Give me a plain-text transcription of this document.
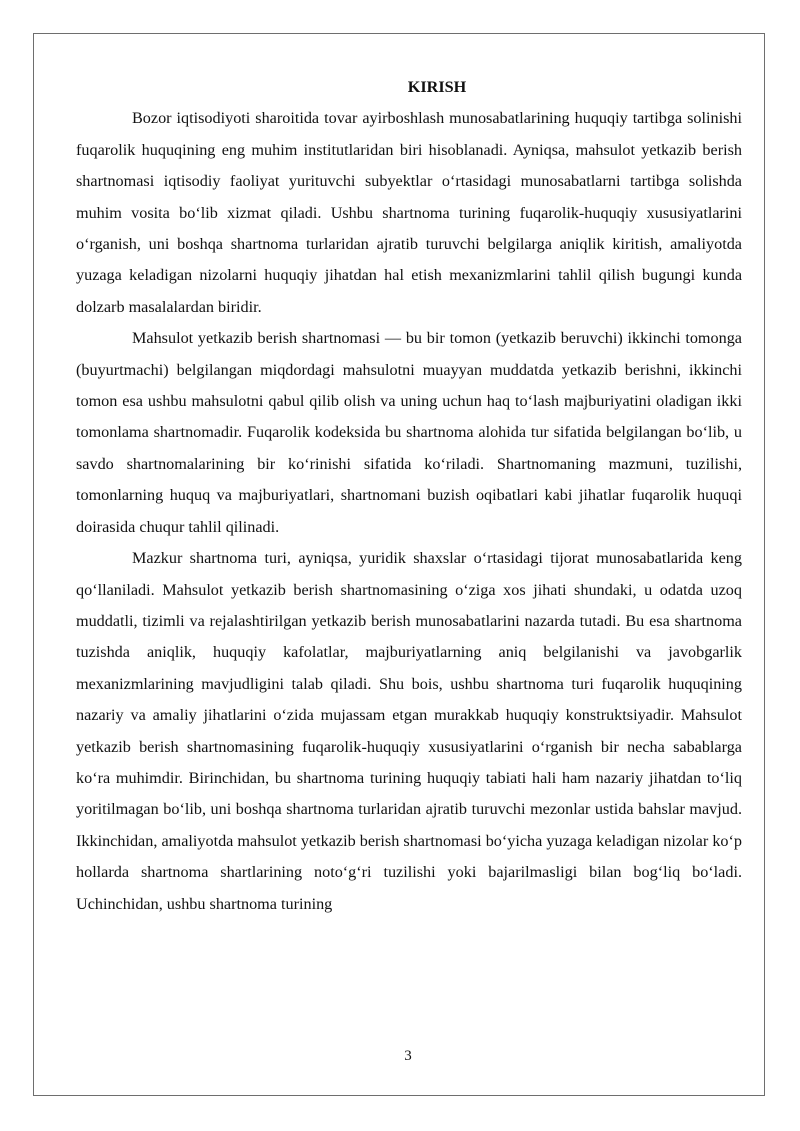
KIRISH

Bozor iqtisodiyoti sharoitida tovar ayirboshlash munosabatlarining huquqiy tartibga solinishi fuqarolik huquqining eng muhim institutlaridan biri hisoblanadi. Ayniqsa, mahsulot yetkazib berish shartnomasi iqtisodiy faoliyat yurituvchi subyektlar o‘rtasidagi munosabatlarni tartibga solishda muhim vosita bo‘lib xizmat qiladi. Ushbu shartnoma turining fuqarolik-huquqiy xususiyatlarini o‘rganish, uni boshqa shartnoma turlaridan ajratib turuvchi belgilarga aniqlik kiritish, amaliyotda yuzaga keladigan nizolarni huquqiy jihatdan hal etish mexanizmlarini tahlil qilish bugungi kunda dolzarb masalalardan biridir.

Mahsulot yetkazib berish shartnomasi — bu bir tomon (yetkazib beruvchi) ikkinchi tomonga (buyurtmachi) belgilangan miqdordagi mahsulotni muayyan muddatda yetkazib berishni, ikkinchi tomon esa ushbu mahsulotni qabul qilib olish va uning uchun haq to‘lash majburiyatini oladigan ikki tomonlama shartnomadir. Fuqarolik kodeksida bu shartnoma alohida tur sifatida belgilangan bo‘lib, u savdo shartnomalarining bir ko‘rinishi sifatida ko‘riladi. Shartnomaning mazmuni, tuzilishi, tomonlarning huquq va majburiyatlari, shartnomani buzish oqibatlari kabi jihatlar fuqarolik huquqi doirasida chuqur tahlil qilinadi.

Mazkur shartnoma turi, ayniqsa, yuridik shaxslar o‘rtasidagi tijorat munosabatlarida keng qo‘llaniladi. Mahsulot yetkazib berish shartnomasining o‘ziga xos jihati shundaki, u odatda uzoq muddatli, tizimli va rejalashtirilgan yetkazib berish munosabatlarini nazarda tutadi. Bu esa shartnoma tuzishda aniqlik, huquqiy kafolatlar, majburiyatlarning aniq belgilanishi va javobgarlik mexanizmlarining mavjudligini talab qiladi. Shu bois, ushbu shartnoma turi fuqarolik huquqining nazariy va amaliy jihatlarini o‘zida mujassam etgan murakkab huquqiy konstruktsiyadir. Mahsulot yetkazib berish shartnomasining fuqarolik-huquqiy xususiyatlarini o‘rganish bir necha sabablarga ko‘ra muhimdir. Birinchidan, bu shartnoma turining huquqiy tabiati hali ham nazariy jihatdan to‘liq yoritilmagan bo‘lib, uni boshqa shartnoma turlaridan ajratib turuvchi mezonlar ustida bahslar mavjud. Ikkinchidan, amaliyotda mahsulot yetkazib berish shartnomasi bo‘yicha yuzaga keladigan nizolar ko‘p hollarda shartnoma shartlarining noto‘g‘ri tuzilishi yoki bajarilmasligi bilan bog‘liq bo‘ladi. Uchinchidan, ushbu shartnoma turining

3
